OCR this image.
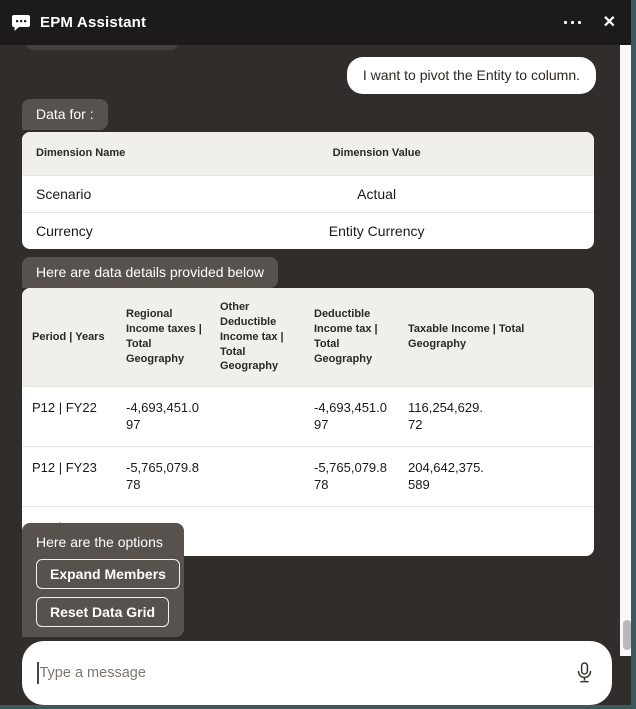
EPM Assistant	✕
I want to pivot the Entity to column.
Data for :
Dimension Name	Dimension Value
Scenario	Actual
Currency	Entity Currency
Here are data details provided below
Period | Years	Regional Income taxes | Total Geography	Other Deductible Income tax | Total Geography	Deductible Income tax | Total Geography	Taxable Income | Total Geography
P12 | FY22	-4,693,451.097		-4,693,451.097	116,254,629.72
P12 | FY23	-5,765,079.878		-5,765,079.878	204,642,375.589

Here are the options
Expand Members
Reset Data Grid
Type a message
